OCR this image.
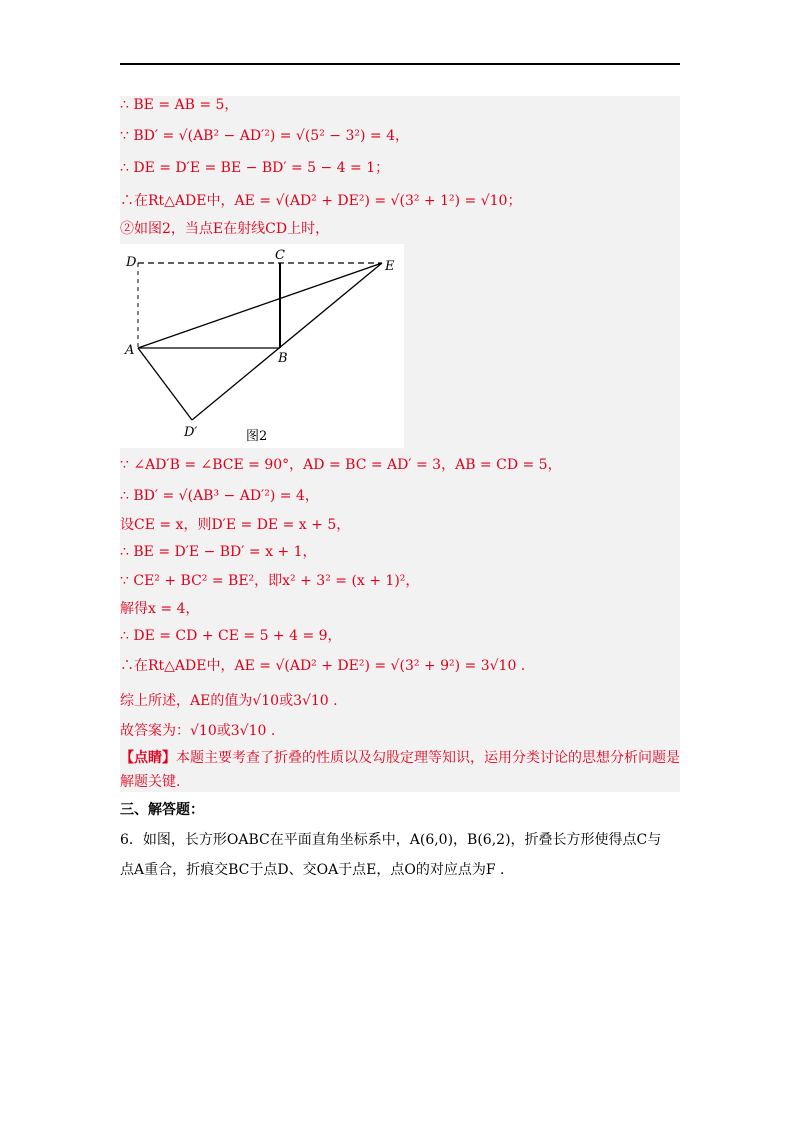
∴ BE = AB = 5，
∵ BD′ = √(AB² − AD′²) = √(5² − 3²) = 4，
∴ DE = D′E = BE − BD′ = 5 − 4 = 1；
∴在Rt△ADE中，AE = √(AD² + DE²) = √(3² + 1²) = √10；
②如图2，当点E在射线CD上时，
D	C
E
A
B
D′	图2
∵ ∠AD′B = ∠BCE = 90°，AD = BC = AD′ = 3，AB = CD = 5，
∴ BD′ = √(AB³ − AD′²) = 4，
设CE = x，则D′E = DE = x + 5，
∴ BE = D′E − BD′ = x + 1，
∵ CE² + BC² = BE²，即x² + 3² = (x + 1)²，
解得x = 4，
∴ DE = CD + CE = 5 + 4 = 9，
∴在Rt△ADE中，AE = √(AD² + DE²) = √(3² + 9²) = 3√10 .
综上所述，AE的值为√10或3√10 .
故答案为：√10或3√10 .
【点睛】本题主要考查了折叠的性质以及勾股定理等知识，运用分类讨论的思想分析问题是解题关键.
三、解答题：
6．如图，长方形OABC在平面直角坐标系中，A(6,0)，B(6,2)，折叠长方形使得点C与
点A重合，折痕交BC于点D、交OA于点E，点O的对应点为F .
